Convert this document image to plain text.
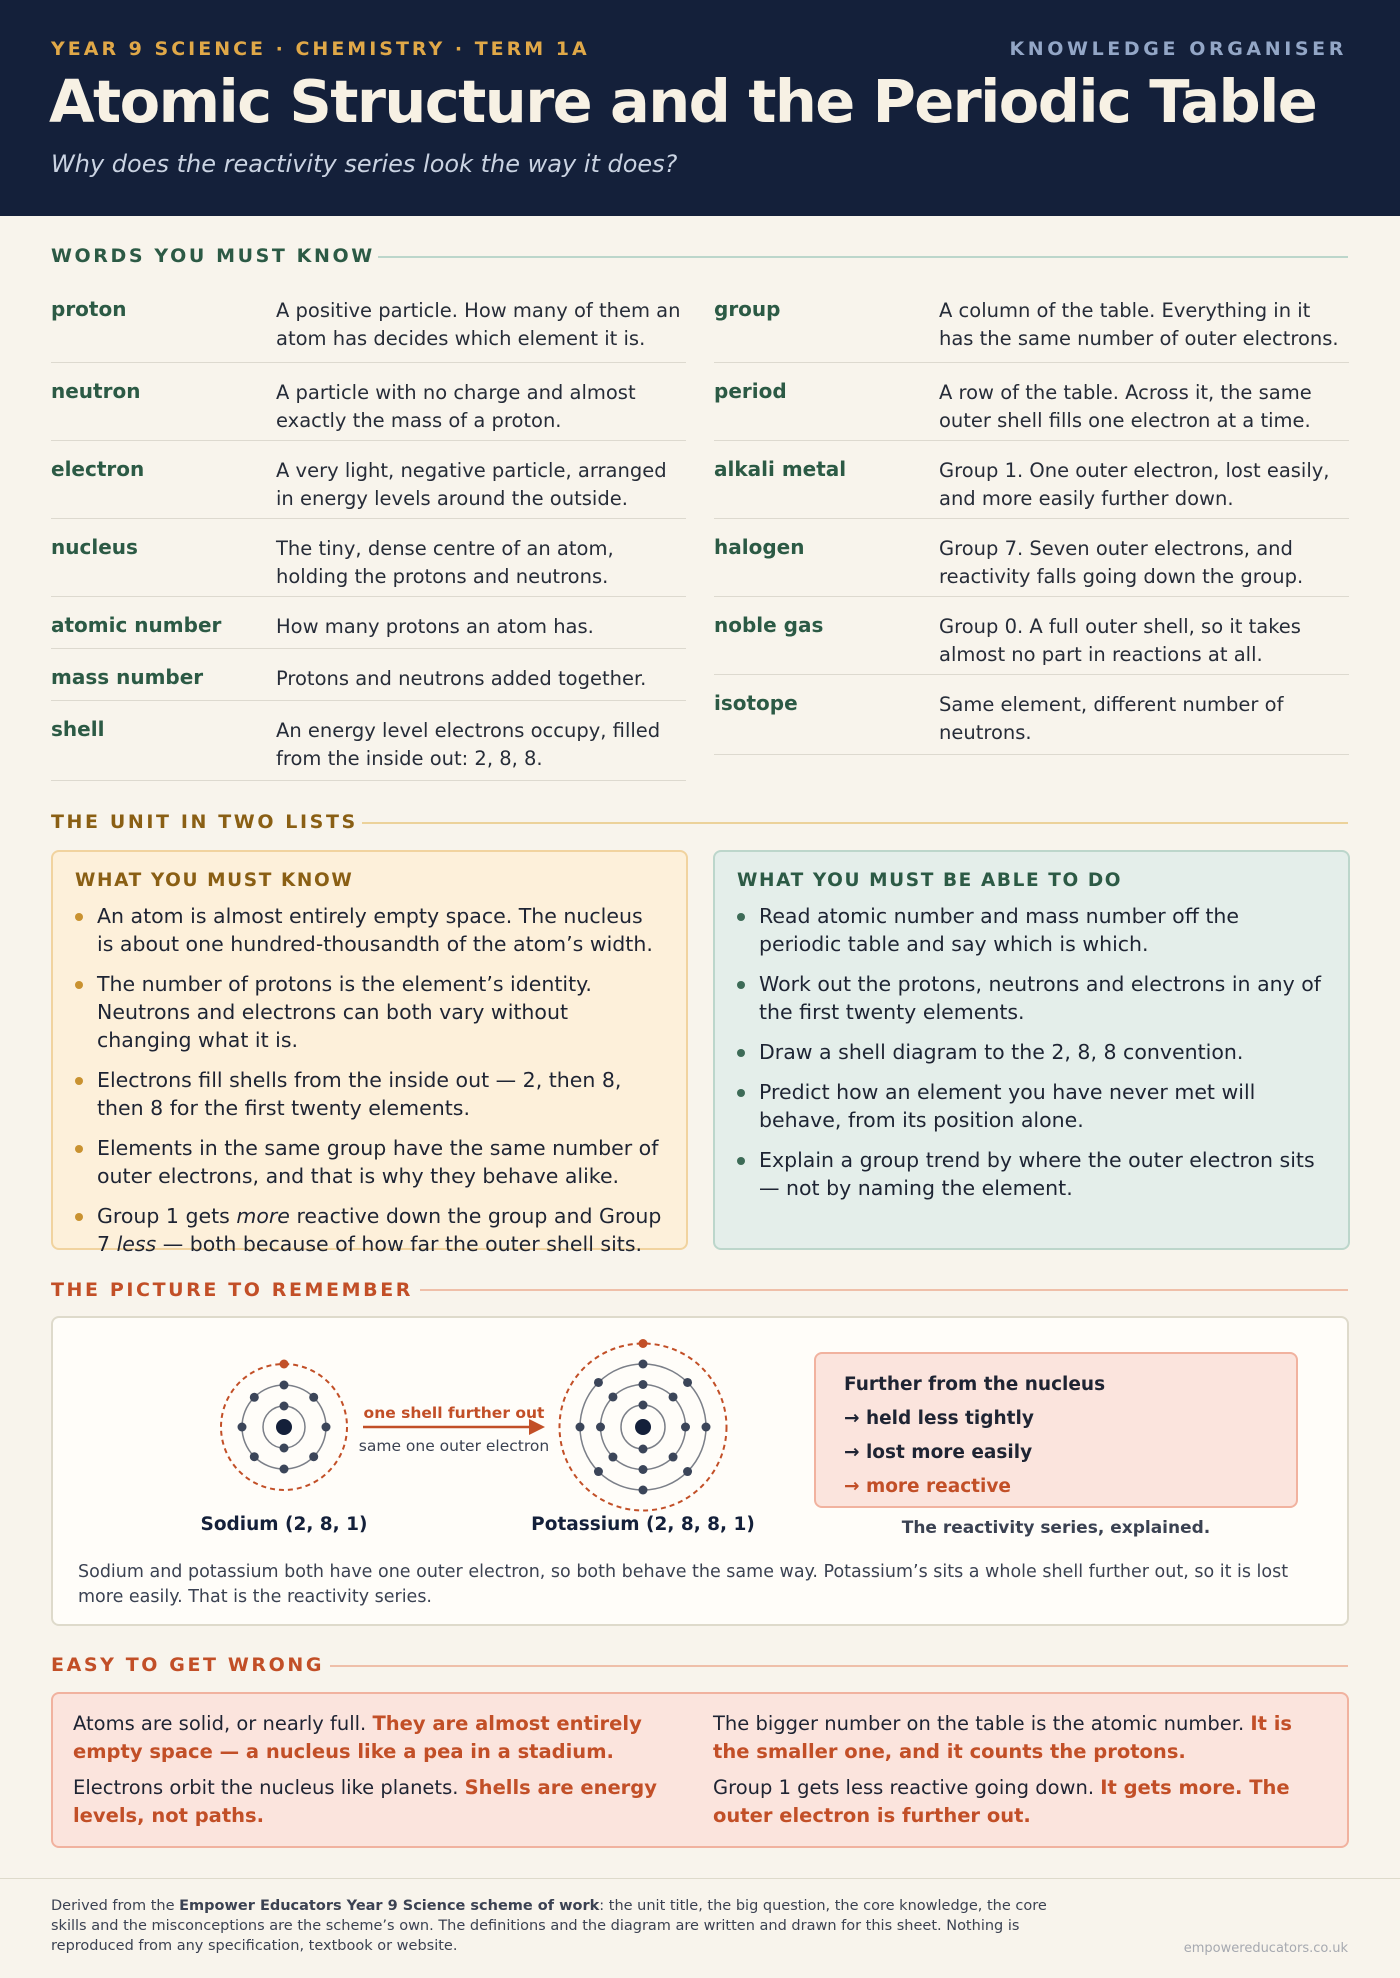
YEAR 9 SCIENCE · CHEMISTRY · TERM 1A	KNOWLEDGE ORGANISER
Atomic Structure and the Periodic Table
Why does the reactivity series look the way it does?
WORDS YOU MUST KNOW
proton	A positive particle. How many of them an atom has decides which element it is.
neutron	A particle with no charge and almost exactly the mass of a proton.
electron	A very light, negative particle, arranged in energy levels around the outside.
nucleus	The tiny, dense centre of an atom, holding the protons and neutrons.
atomic number	How many protons an atom has.
mass number	Protons and neutrons added together.
shell	An energy level electrons occupy, filled from the inside out: 2, 8, 8.
group	A column of the table. Everything in it has the same number of outer electrons.
period	A row of the table. Across it, the same outer shell fills one electron at a time.
alkali metal	Group 1. One outer electron, lost easily, and more easily further down.
halogen	Group 7. Seven outer electrons, and reactivity falls going down the group.
noble gas	Group 0. A full outer shell, so it takes almost no part in reactions at all.
isotope	Same element, different number of neutrons.
THE UNIT IN TWO LISTS
WHAT YOU MUST KNOW
An atom is almost entirely empty space. The nucleus is about one hundred-thousandth of the atom’s width.
The number of protons is the element’s identity. Neutrons and electrons can both vary without changing what it is.
Electrons fill shells from the inside out — 2, then 8, then 8 for the first twenty elements.
Elements in the same group have the same number of outer electrons, and that is why they behave alike.
Group 1 gets more reactive down the group and Group 7 less — both because of how far the outer shell sits.
WHAT YOU MUST BE ABLE TO DO
Read atomic number and mass number off the periodic table and say which is which.
Work out the protons, neutrons and electrons in any of the first twenty elements.
Draw a shell diagram to the 2, 8, 8 convention.
Predict how an element you have never met will behave, from its position alone.
Explain a group trend by where the outer electron sits — not by naming the element.
THE PICTURE TO REMEMBER
one shell further out
same one outer electron
Sodium (2, 8, 1)	Potassium (2, 8, 8, 1)
Further from the nucleus
→ held less tightly
→ lost more easily
→ more reactive
The reactivity series, explained.
Sodium and potassium both have one outer electron, so both behave the same way. Potassium’s sits a whole shell further out, so it is lost more easily. That is the reactivity series.
EASY TO GET WRONG
Atoms are solid, or nearly full. They are almost entirely empty space — a nucleus like a pea in a stadium.
The bigger number on the table is the atomic number. It is the smaller one, and it counts the protons.
Electrons orbit the nucleus like planets. Shells are energy levels, not paths.
Group 1 gets less reactive going down. It gets more. The outer electron is further out.

Derived from the Empower Educators Year 9 Science scheme of work: the unit title, the big question, the core knowledge, the core skills and the misconceptions are the scheme’s own. The definitions and the diagram are written and drawn for this sheet. Nothing is reproduced from any specification, textbook or website.	empowereducators.co.uk
